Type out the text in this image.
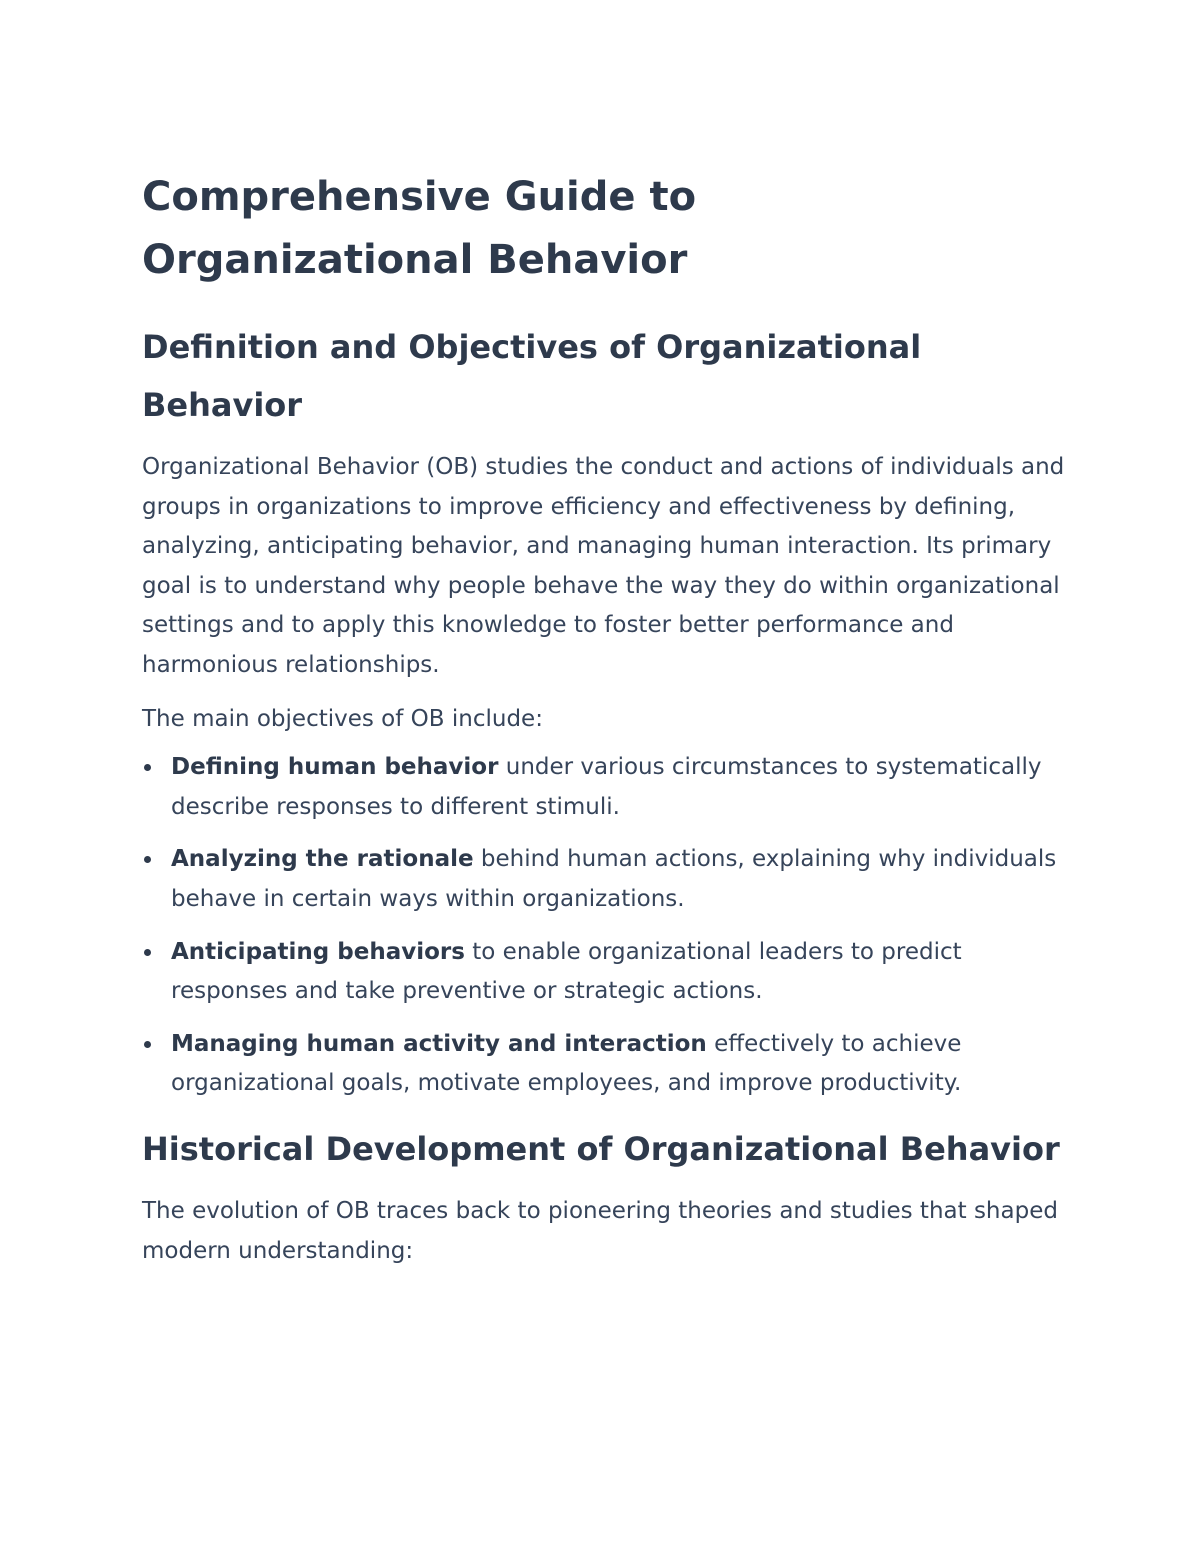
Comprehensive Guide to
Organizational Behavior
Definition and Objectives of Organizational Behavior

Organizational Behavior (OB) studies the conduct and actions of individuals and groups in organizations to improve efficiency and effectiveness by defining, analyzing, anticipating behavior, and managing human interaction. Its primary goal is to understand why people behave the way they do within organizational settings and to apply this knowledge to foster better performance and harmonious relationships.

The main objectives of OB include:

Defining human behavior under various circumstances to systematically describe responses to different stimuli.
Analyzing the rationale behind human actions, explaining why individuals behave in certain ways within organizations.
Anticipating behaviors to enable organizational leaders to predict responses and take preventive or strategic actions.
Managing human activity and interaction effectively to achieve organizational goals, motivate employees, and improve productivity.
Historical Development of Organizational Behavior

The evolution of OB traces back to pioneering theories and studies that shaped modern understanding:
